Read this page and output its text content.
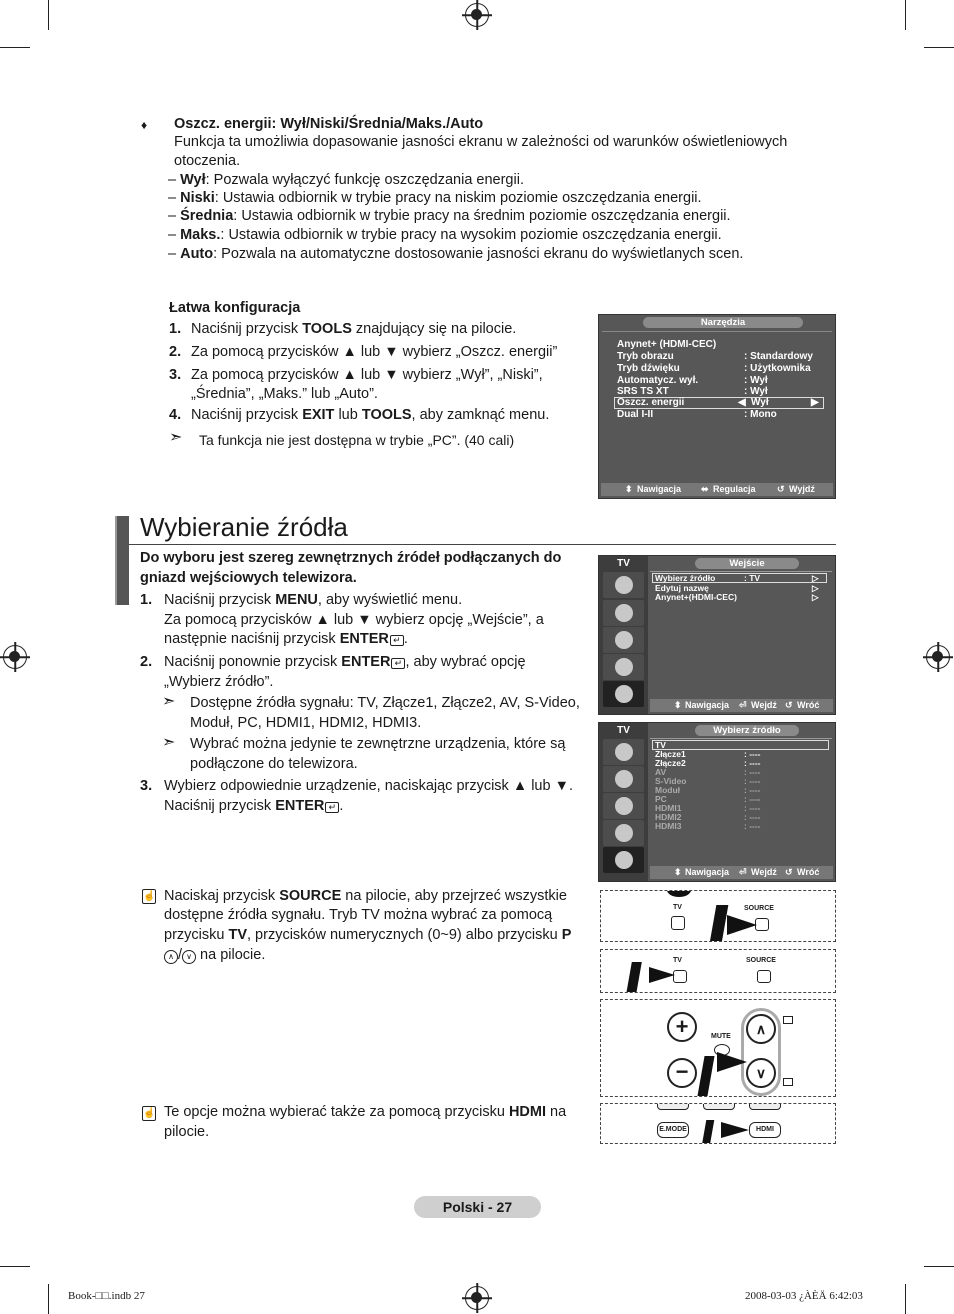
♦ Oszcz. energii: Wył/Niski/Średnia/Maks./Auto
Funkcja ta umożliwia dopasowanie jasności ekranu w zależności od warunków oświetleniowych
otoczenia.
– Wył: Pozwala wyłączyć funkcję oszczędzania energii.
– Niski: Ustawia odbiornik w trybie pracy na niskim poziomie oszczędzania energii.
– Średnia: Ustawia odbiornik w trybie pracy na średnim poziomie oszczędzania energii.
– Maks.: Ustawia odbiornik w trybie pracy na wysokim poziomie oszczędzania energii.
– Auto: Pozwala na automatyczne dostosowanie jasności ekranu do wyświetlanych scen.
Łatwa konfiguracja
1. Naciśnij przycisk TOOLS znajdujący się na pilocie.
2. Za pomocą przycisków ▲ lub ▼ wybierz „Oszcz. energii”
3. Za pomocą przycisków ▲ lub ▼ wybierz „Wył”, „Niski”,
„Średnia”, „Maks.” lub „Auto”.
4. Naciśnij przycisk EXIT lub TOOLS, aby zamknąć menu.
➣ Ta funkcja nie jest dostępna w trybie „PC”. (40 cali)
Narzędzia
Anynet+ (HDMI-CEC)
Tryb obrazu	: Standardowy
Tryb dźwięku	: Użytkownika
Automatycz. wył.	: Wył
SRS TS XT	: Wył
Oszcz. energii	◀ Wył	▶
Dual I-II	: Mono
⬍ Nawigacja ⬌ Regulacja ↺ Wyjdź
Wybieranie źródła
Do wyboru jest szereg zewnętrznych źródeł podłączanych do
gniazd wejściowych telewizora.
1. Naciśnij przycisk MENU, aby wyświetlić menu.
Za pomocą przycisków ▲ lub ▼ wybierz opcję „Wejście”, a
następnie naciśnij przycisk ENTER ↵ .
2. Naciśnij ponownie przycisk ENTER ↵ , aby wybrać opcję
„Wybierz źródło”.
➣ Dostępne źródła sygnału: TV, Złącze1, Złącze2, AV, S-Video,
Moduł, PC, HDMI1, HDMI2, HDMI3.
➣ Wybrać można jedynie te zewnętrzne urządzenia, które są
podłączone do telewizora.
3. Wybierz odpowiednie urządzenie, naciskając przycisk ▲ lub ▼.
Naciśnij przycisk ENTER ↵ .
☝ Naciskaj przycisk SOURCE na pilocie, aby przejrzeć wszystkie
dostępne źródła sygnału. Tryb TV można wybrać za pomocą
przycisku TV, przycisków numerycznych (0~9) albo przycisku P
∧ / ∨ na pilocie.
☝ Te opcje można wybierać także za pomocą przycisku HDMI na
pilocie.
TV	Wejście
Wybierz źródło	: TV	▷
Edytuj nazwę	▷
Anynet+(HDMI-CEC)	▷
⬍ Nawigacja ⏎ Wejdź ↺ Wróć
TV	Wybierz źródło
TV
Złącze1	: ----
Złącze2	: ----
AV	: ----
S-Video	: ----
Moduł	: ----
PC	: ----
HDMI1	: ----
HDMI2	: ----
HDMI3	: ----
⬍ Nawigacja ⏎ Wejdź ↺ Wróć
TV	SOURCE
TV	SOURCE
+
−
MUTE	∧
∨
E.MODE	HDMI
Polski - 27
Book-□□.indb 27	2008-03-03 ¿ÀÈÄ 6:42:03
